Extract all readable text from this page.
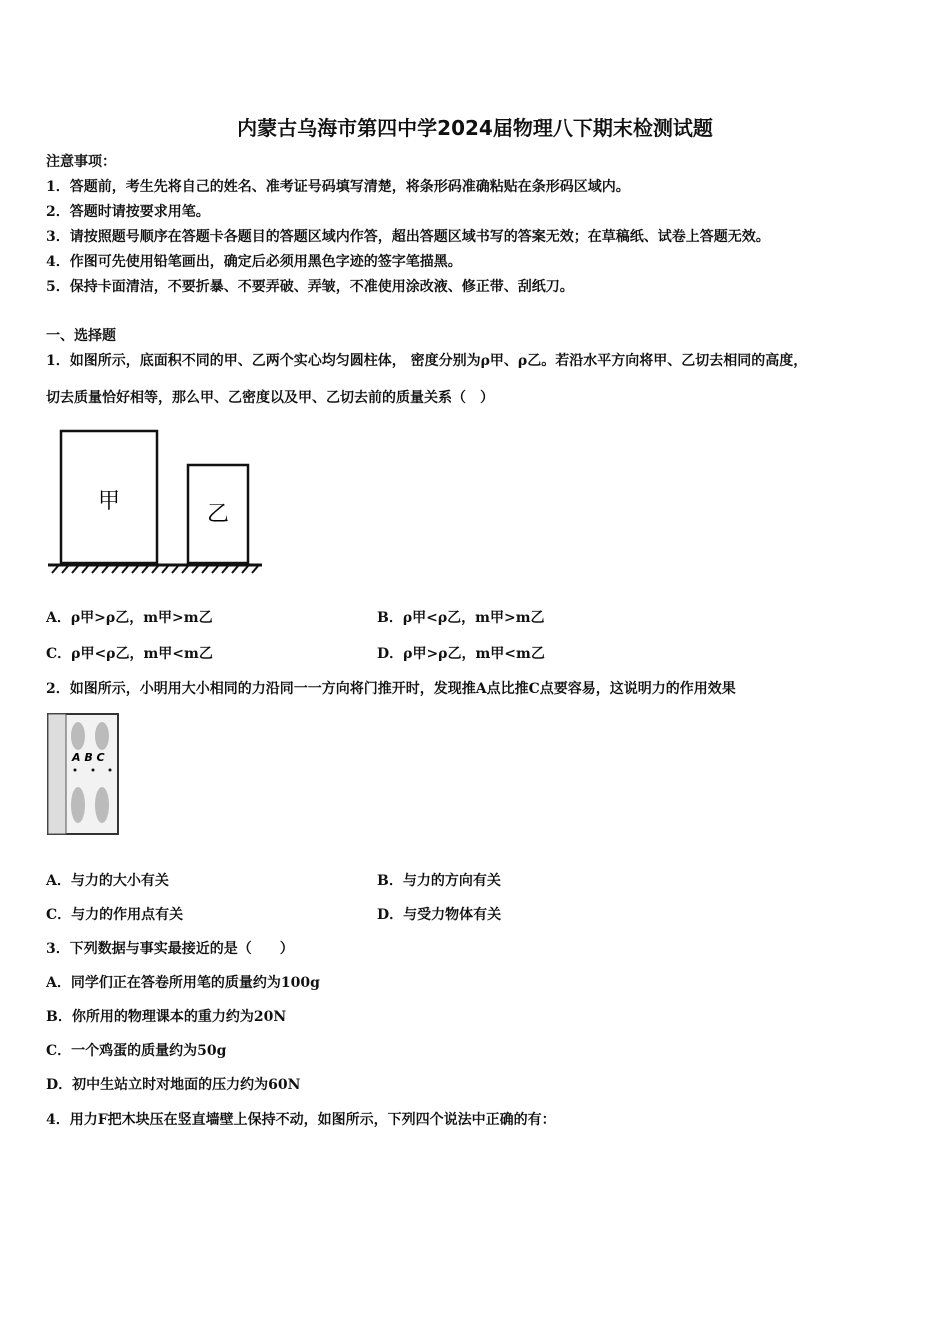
内蒙古乌海市第四中学2024届物理八下期末检测试题
注意事项：
1．答题前，考生先将自己的姓名、准考证号码填写清楚，将条形码准确粘贴在条形码区域内。
2．答题时请按要求用笔。
3．请按照题号顺序在答题卡各题目的答题区域内作答，超出答题区域书写的答案无效；在草稿纸、试卷上答题无效。
4．作图可先使用铅笔画出，确定后必须用黑色字迹的签字笔描黑。
5．保持卡面清洁，不要折暴、不要弄破、弄皱，不准使用涂改液、修正带、刮纸刀。
一、选择题
1．如图所示，底面积不同的甲、乙两个实心均匀圆柱体， 密度分别为ρ甲、ρ乙。若沿水平方向将甲、乙切去相同的高度，
切去质量恰好相等，那么甲、乙密度以及甲、乙切去前的质量关系（　）
甲
乙
A．ρ甲>ρ乙，m甲>m乙	B．ρ甲<ρ乙，m甲>m乙
C．ρ甲<ρ乙，m甲<m乙	D．ρ甲>ρ乙，m甲<m乙
2．如图所示，小明用大小相同的力沿同一一方向将门推开时，发现推A点比推C点要容易，这说明力的作用效果
A B C
A．与力的大小有关	B．与力的方向有关
C．与力的作用点有关	D．与受力物体有关
3．下列数据与事实最接近的是（　　）
A．同学们正在答卷所用笔的质量约为100g
B．你所用的物理课本的重力约为20N
C．一个鸡蛋的质量约为50g
D．初中生站立时对地面的压力约为60N
4．用力F把木块压在竖直墙壁上保持不动，如图所示，下列四个说法中正确的有：
